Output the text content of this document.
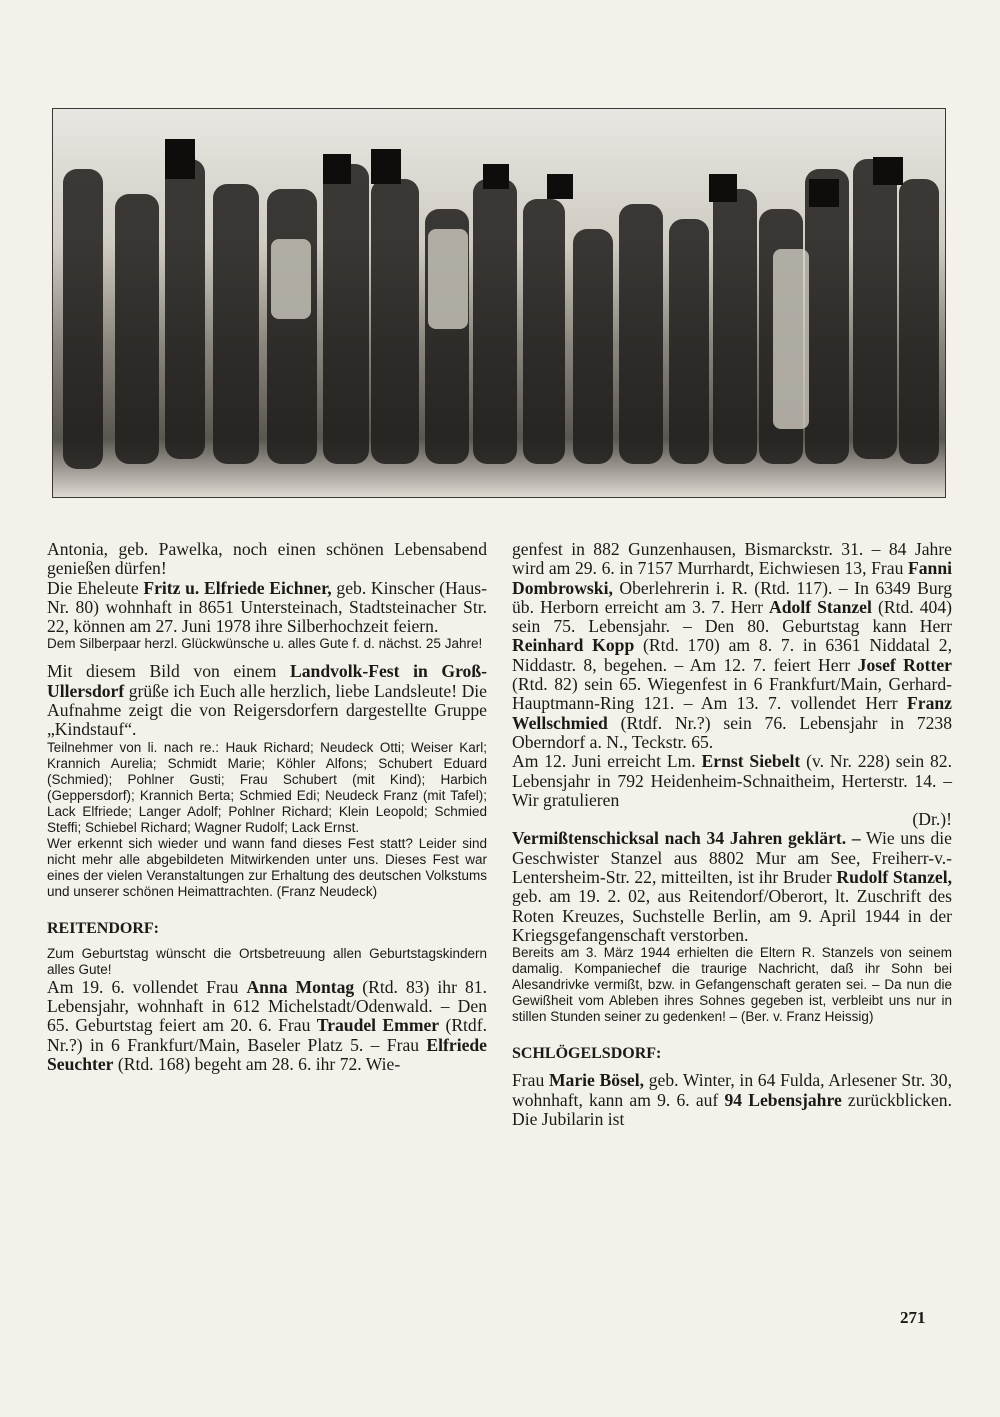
Antonia, geb. Pawelka, noch einen schönen Lebensabend genießen dürfen!

Die Eheleute Fritz u. Elfriede Eichner, geb. Kinscher (Haus-Nr. 80) wohnhaft in 8651 Untersteinach, Stadtsteinacher Str. 22, können am 27. Juni 1978 ihre Silberhochzeit feiern.

Dem Silberpaar herzl. Glückwünsche u. alles Gute f. d. nächst. 25 Jahre!

Mit diesem Bild von einem Landvolk-Fest in Groß-Ullersdorf grüße ich Euch alle herzlich, liebe Landsleute! Die Aufnahme zeigt die von Reigersdorfern dargestellte Gruppe „Kindstauf“.

Teilnehmer von li. nach re.: Hauk Richard; Neudeck Otti; Weiser Karl; Krannich Aurelia; Schmidt Marie; Köhler Alfons; Schubert Eduard (Schmied); Pohlner Gusti; Frau Schubert (mit Kind); Harbich (Geppersdorf); Krannich Berta; Schmied Edi; Neudeck Franz (mit Tafel); Lack Elfriede; Langer Adolf; Pohlner Richard; Klein Leopold; Schmied Steffi; Schiebel Richard; Wagner Rudolf; Lack Ernst.

Wer erkennt sich wieder und wann fand dieses Fest statt? Leider sind nicht mehr alle abgebildeten Mitwirkenden unter uns. Dieses Fest war eines der vielen Veranstaltungen zur Erhaltung des deutschen Volkstums und unserer schönen Heimattrachten. (Franz Neudeck)

REITENDORF:

Zum Geburtstag wünscht die Ortsbetreuung allen Geburtstagskindern alles Gute!

Am 19. 6. vollendet Frau Anna Montag (Rtd. 83) ihr 81. Lebensjahr, wohnhaft in 612 Michelstadt/Odenwald. – Den 65. Geburtstag feiert am 20. 6. Frau Traudel Emmer (Rtdf. Nr.?) in 6 Frankfurt/Main, Baseler Platz 5. – Frau Elfriede Seuchter (Rtd. 168) begeht am 28. 6. ihr 72. Wie-

genfest in 882 Gunzenhausen, Bismarckstr. 31. – 84 Jahre wird am 29. 6. in 7157 Murrhardt, Eichwiesen 13, Frau Fanni Dombrowski, Oberlehrerin i. R. (Rtd. 117). – In 6349 Burg üb. Herborn erreicht am 3. 7. Herr Adolf Stanzel (Rtd. 404) sein 75. Lebensjahr. – Den 80. Geburtstag kann Herr Reinhard Kopp (Rtd. 170) am 8. 7. in 6361 Niddatal 2, Niddastr. 8, begehen. – Am 12. 7. feiert Herr Josef Rotter (Rtd. 82) sein 65. Wiegenfest in 6 Frankfurt/Main, Gerhard-Hauptmann-Ring 121. – Am 13. 7. vollendet Herr Franz Wellschmied (Rtdf. Nr.?) sein 76. Lebensjahr in 7238 Oberndorf a. N., Teckstr. 65.

Am 12. Juni erreicht Lm. Ernst Siebelt (v. Nr. 228) sein 82. Lebensjahr in 792 Heidenheim-Schnaitheim, Herterstr. 14. – Wir gratulieren

(Dr.)!

Vermißtenschicksal nach 34 Jahren geklärt. – Wie uns die Geschwister Stanzel aus 8802 Mur am See, Freiherr-v.-Lentersheim-Str. 22, mitteilten, ist ihr Bruder Rudolf Stanzel, geb. am 19. 2. 02, aus Reitendorf/Oberort, lt. Zuschrift des Roten Kreuzes, Suchstelle Berlin, am 9. April 1944 in der Kriegsgefangenschaft verstorben.

Bereits am 3. März 1944 erhielten die Eltern R. Stanzels von seinem damalig. Kompaniechef die traurige Nachricht, daß ihr Sohn bei Alesandrivke vermißt, bzw. in Gefangenschaft geraten sei. – Da nun die Gewißheit vom Ableben ihres Sohnes gegeben ist, verbleibt uns nur in stillen Stunden seiner zu gedenken! – (Ber. v. Franz Heissig)

SCHLÖGELSDORF:

Frau Marie Bösel, geb. Winter, in 64 Fulda, Arlesener Str. 30, wohnhaft, kann am 9. 6. auf 94 Lebensjahre zurückblicken. Die Jubilarin ist

271
